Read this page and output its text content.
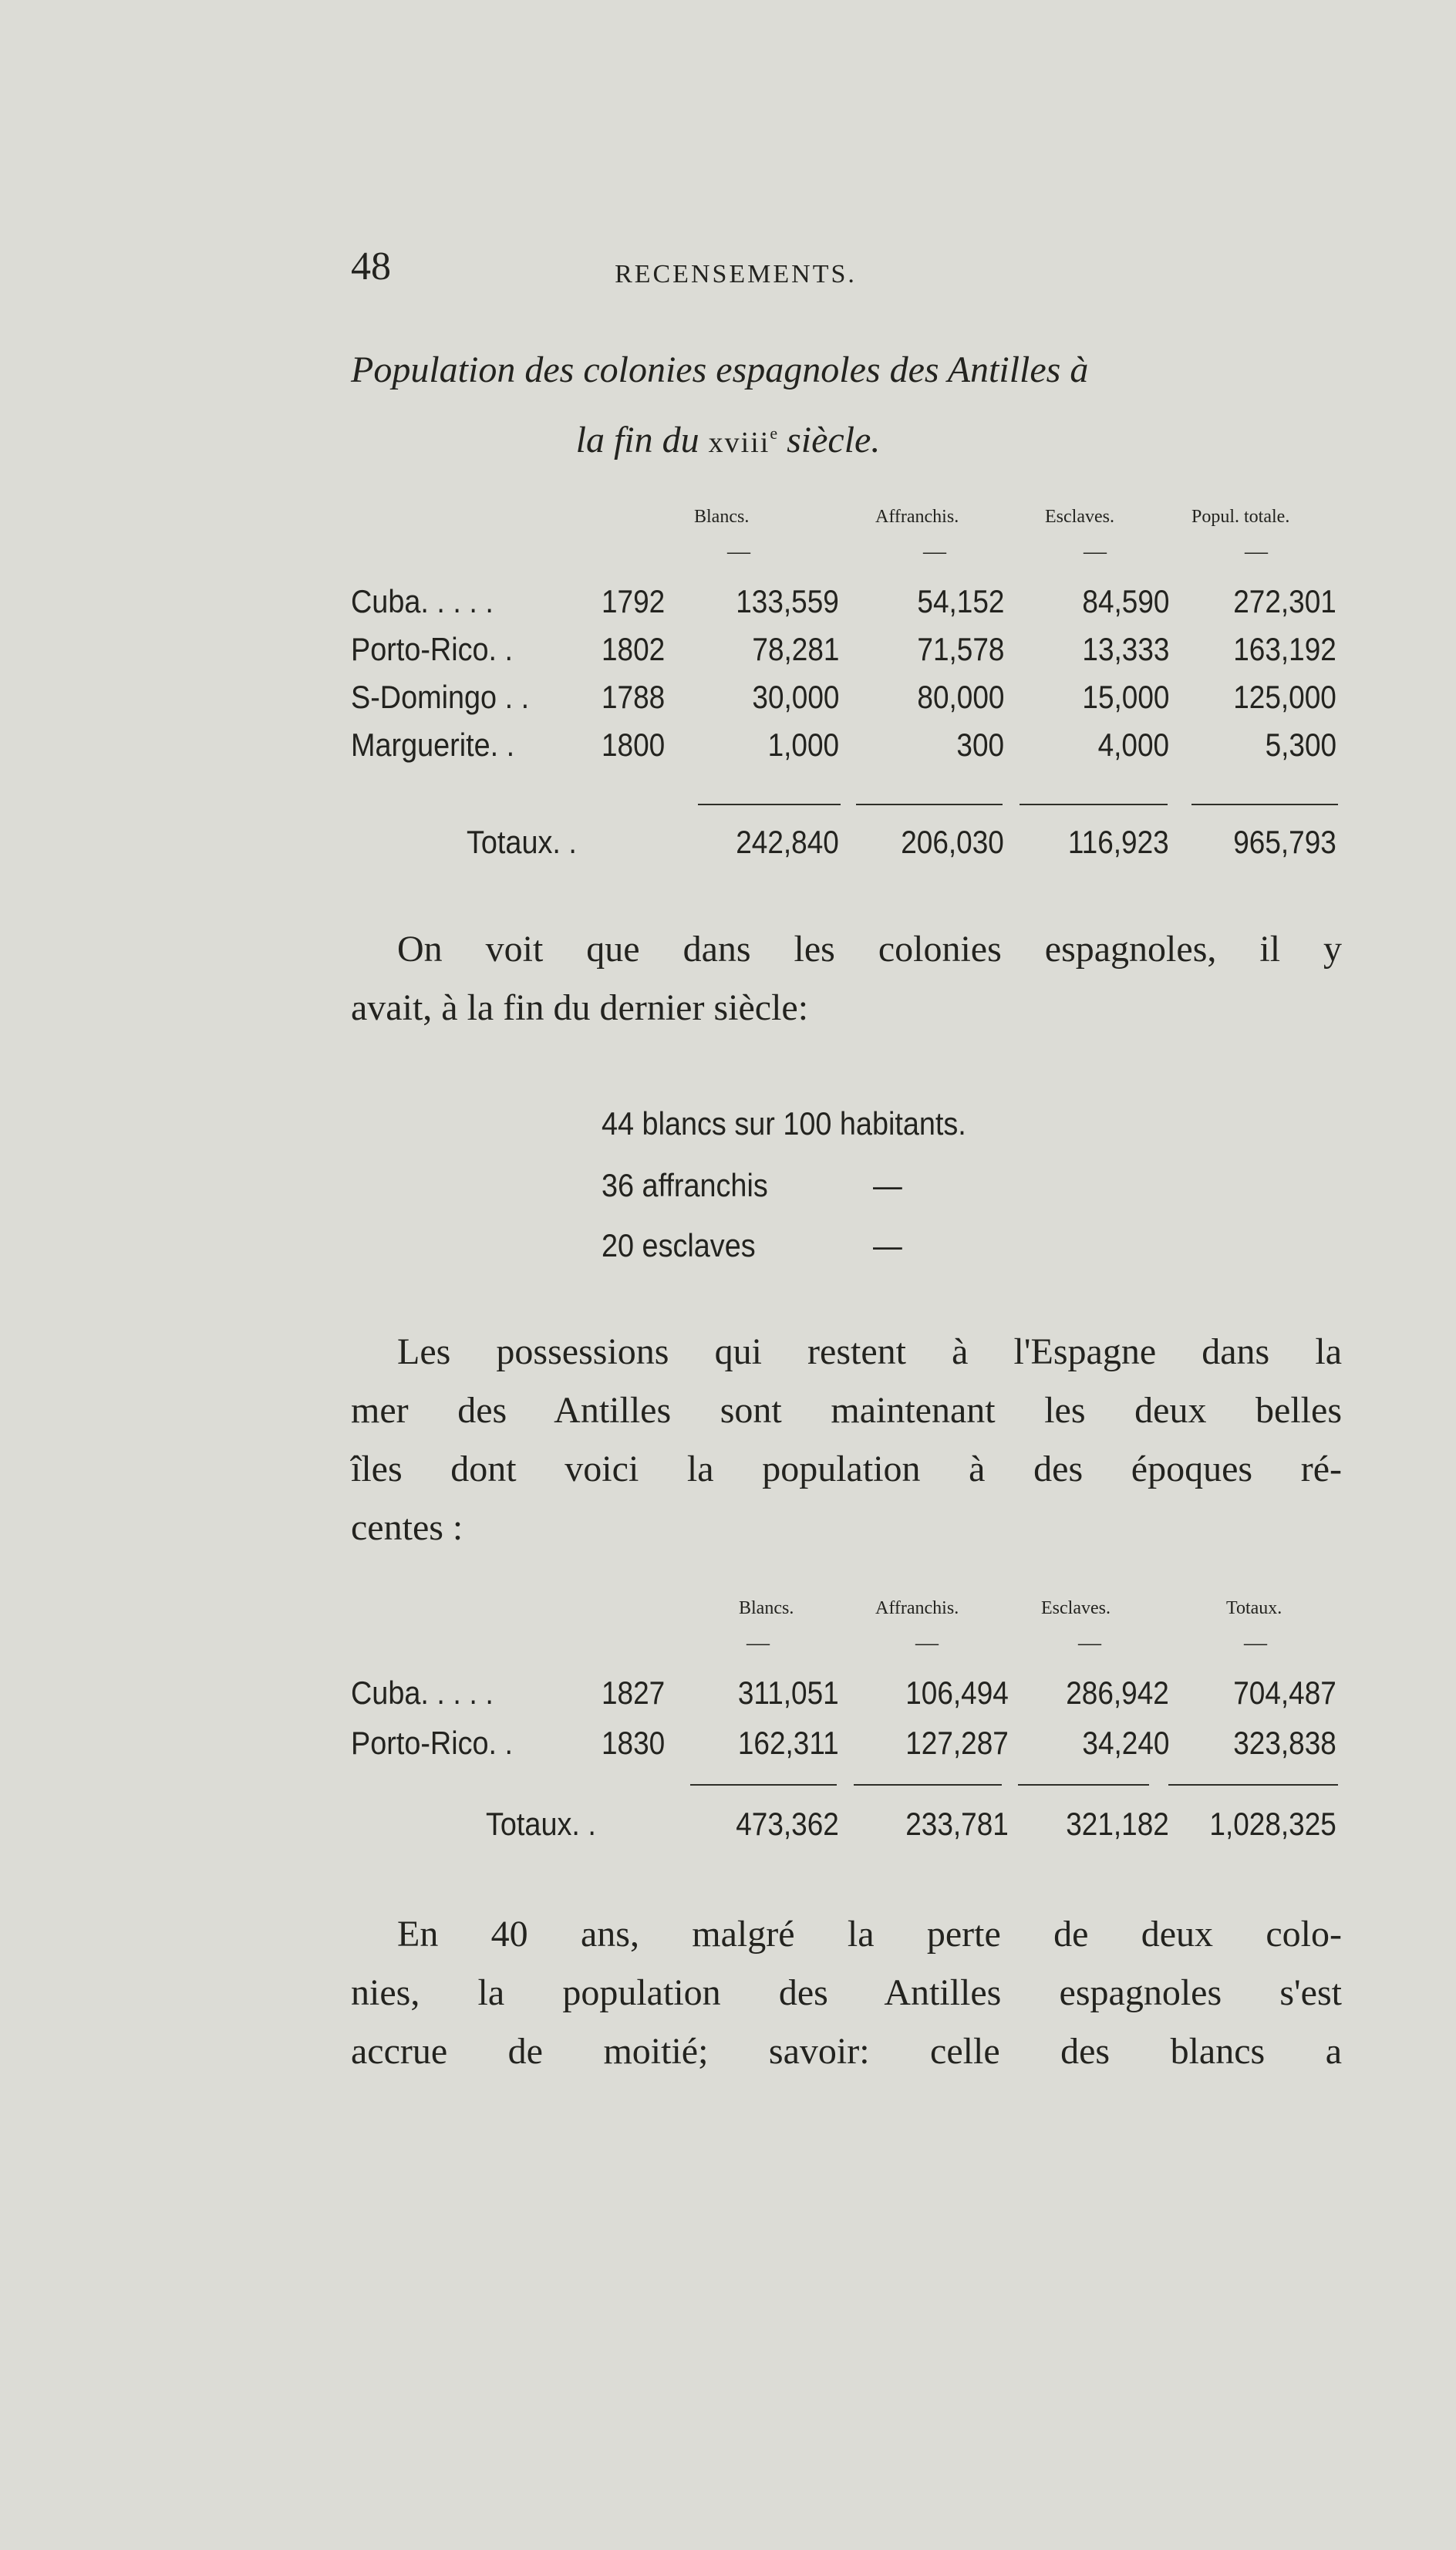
48	RECENSEMENTS.
Population des colonies espagnoles des Antilles à
la fin du xviii$^e$ siècle.
Blancs.	Affranchis.	Esclaves.	Popul. totale.
—	—	—	—
Cuba. . . . .	1792 133,559 54,152 84,590 272,301
Porto-Rico. .	1802	78,281 71,578 13,333 163,192
S-Domingo . . 1788	30,000 80,000 15,000 125,000
Marguerite. .	1800	1,000	300	4,000	5,300
Totaux. .	242,840 206,030 116,923 965,793
On voit que dans les colonies espagnoles, il y
avait, à la fin du dernier siècle:
44 blancs sur 100 habitants.
36 affranchis	—
20 esclaves	—
Les possessions qui restent à l'Espagne dans la
mer des Antilles sont maintenant les deux belles
îles dont voici la population à des époques ré-
centes :
Blancs.	Affranchis.	Esclaves.	Totaux.
—	—	—	—
Cuba. . . . .	1827 311,051 106,494 286,942 704,487
Porto-Rico. .	1830 162,311 127,287 34,240 323,838
Totaux. .	473,362 233,781 321,182 1,028,325
En 40 ans, malgré la perte de deux colo-
nies, la population des Antilles espagnoles s'est
accrue de moitié; savoir: celle des blancs a
